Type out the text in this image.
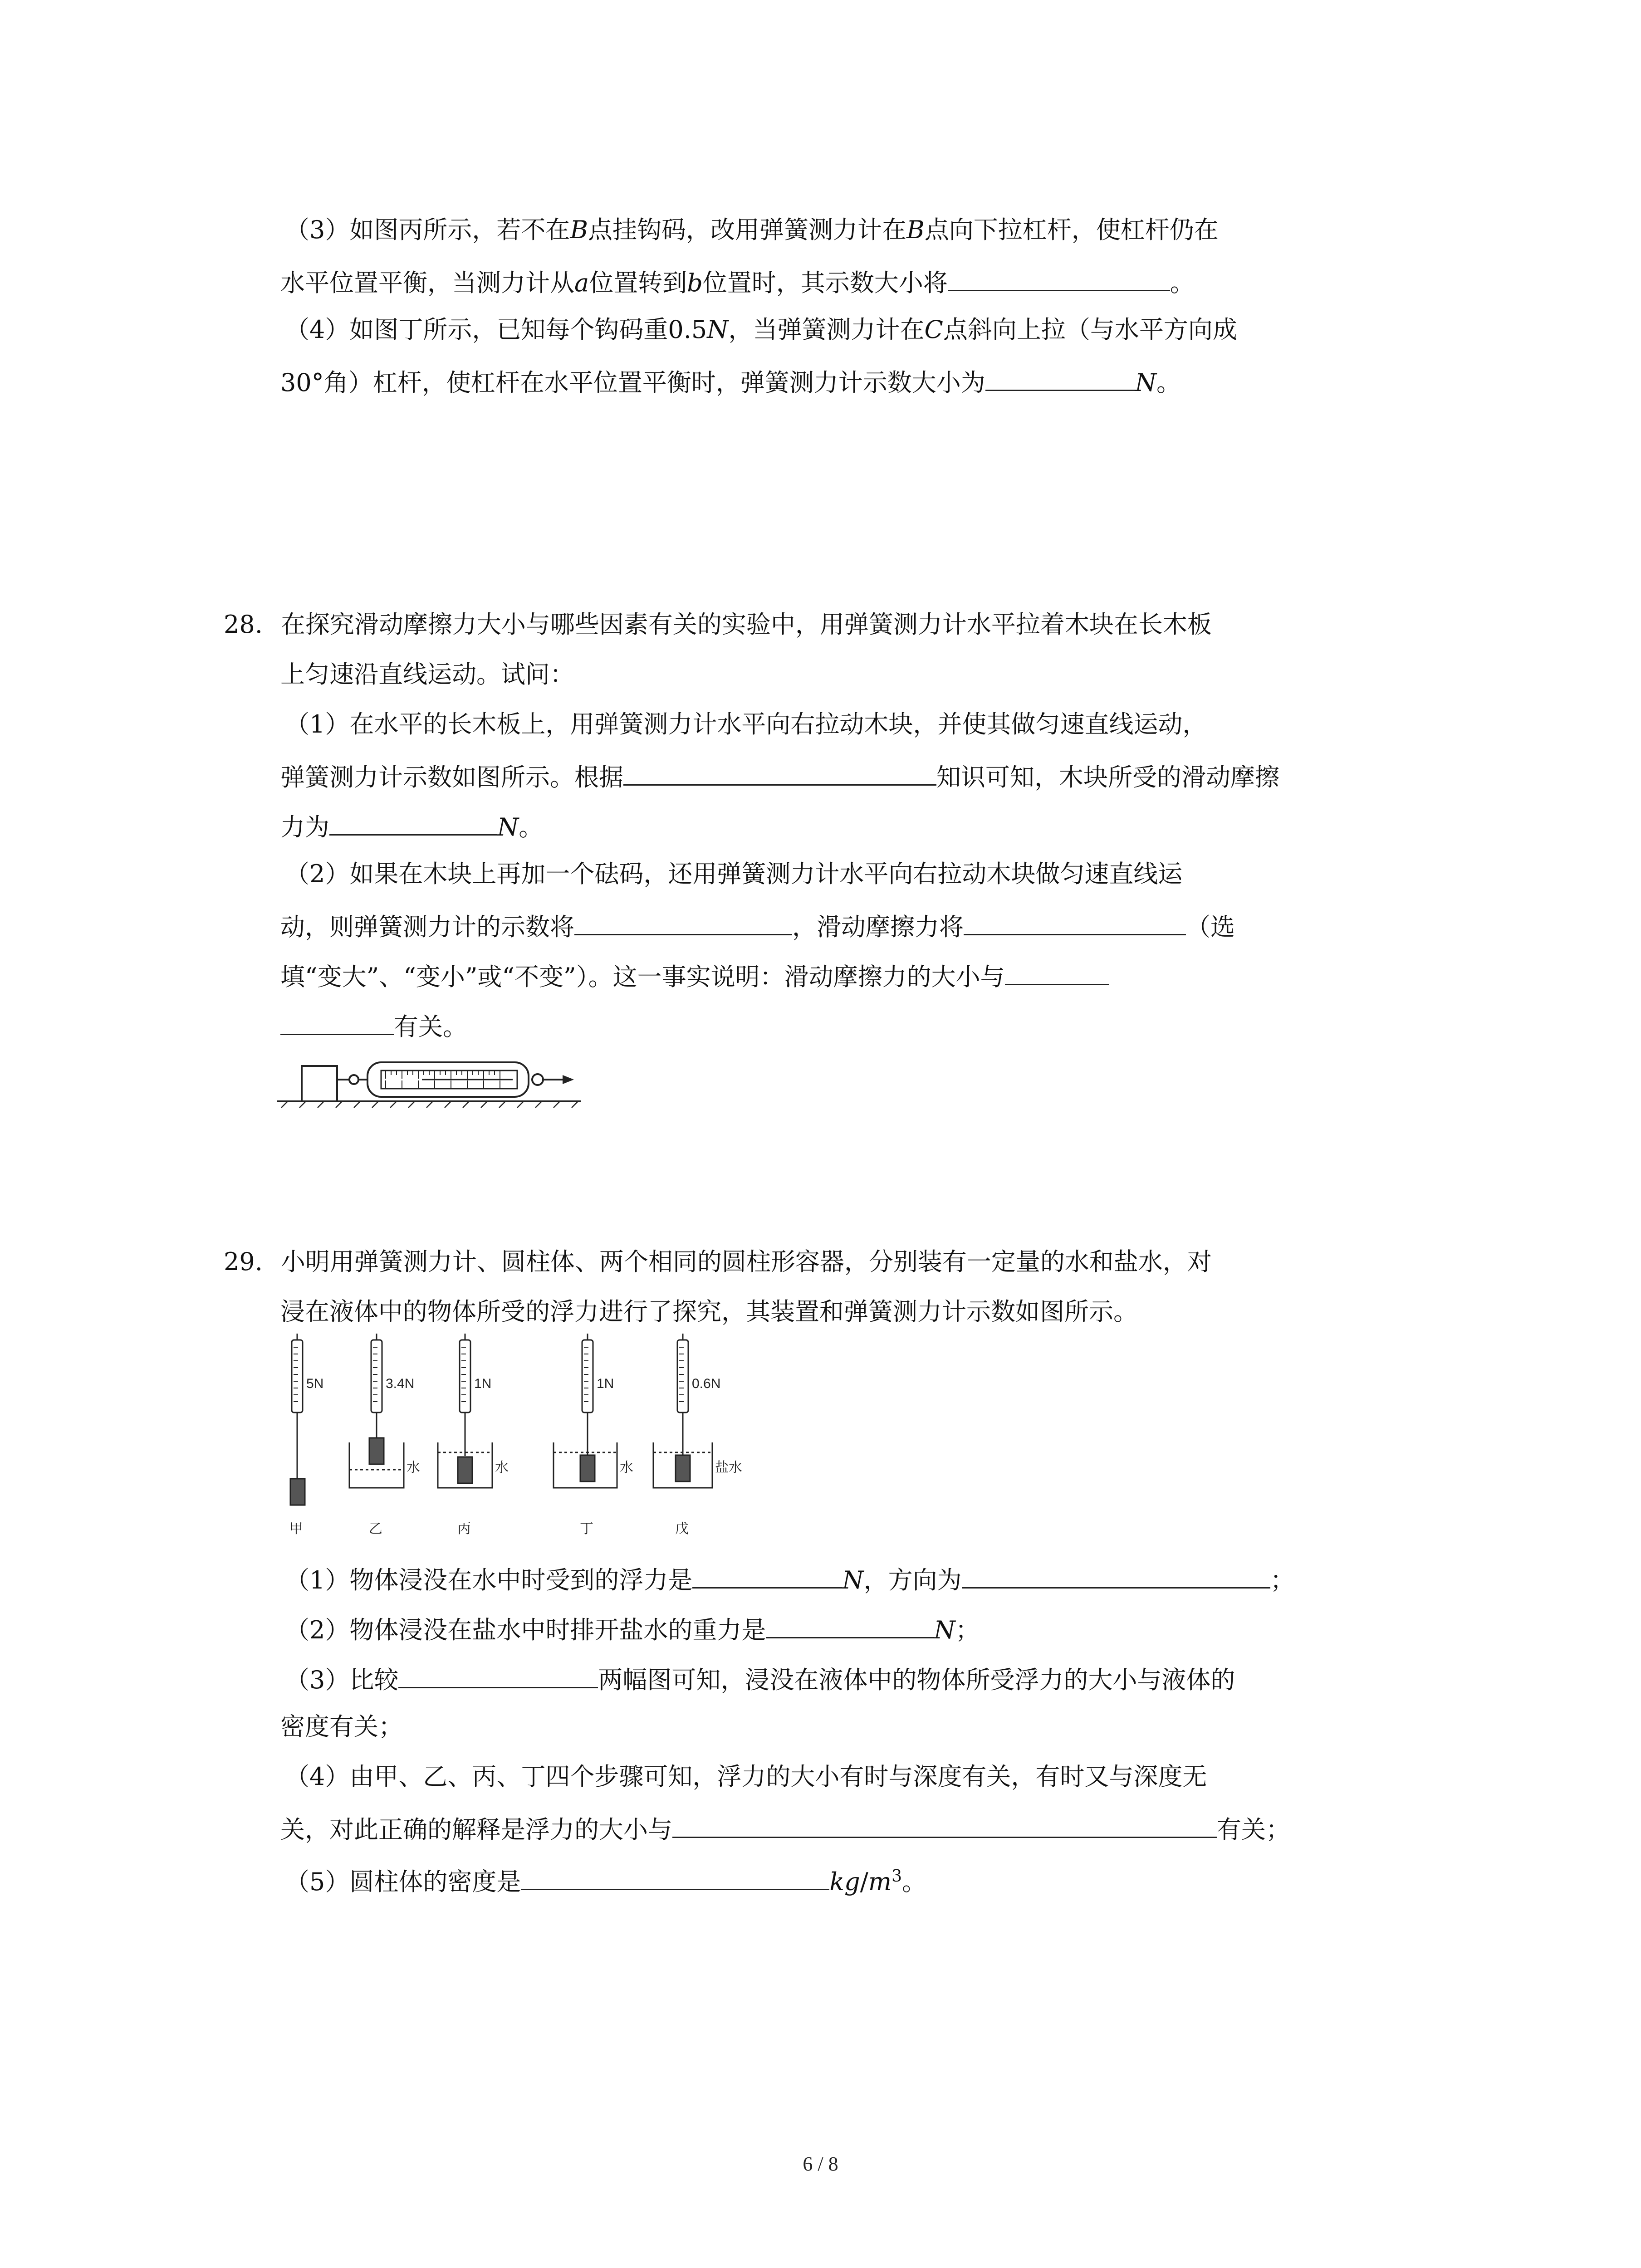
（3）如图丙所示，若不在B点挂钩码，改用弹簧测力计在B点向下拉杠杆，使杠杆仍在

水平位置平衡，当测力计从a位置转到b位置时，其示数大小将	。

（4）如图丁所示，已知每个钩码重0.5N，当弹簧测力计在C点斜向上拉（与水平方向成

30°角）杠杆，使杠杆在水平位置平衡时，弹簧测力计示数大小为	N。

28. 在探究滑动摩擦力大小与哪些因素有关的实验中，用弹簧测力计水平拉着木块在长木板

上匀速沿直线运动。试问：

（1）在水平的长木板上，用弹簧测力计水平向右拉动木块，并使其做匀速直线运动，

弹簧测力计示数如图所示。根据	知识可知，木块所受的滑动摩擦

力为	N。

（2）如果在木块上再加一个砝码，还用弹簧测力计水平向右拉动木块做匀速直线运

动，则弹簧测力计的示数将	，滑动摩擦力将	（选

填“变大”、“变小”或“不变”）。这一事实说明：滑动摩擦力的大小与

有关。

29. 小明用弹簧测力计、圆柱体、两个相同的圆柱形容器，分别装有一定量的水和盐水，对

浸在液体中的物体所受的浮力进行了探究，其装置和弹簧测力计示数如图所示。

5N	3.4N	1N	1N	0.6N
水	水	水	盐水
甲	乙	丙	丁	戊

（1）物体浸没在水中时受到的浮力是	N，方向为	；

（2）物体浸没在盐水中时排开盐水的重力是	N；

（3）比较	两幅图可知，浸没在液体中的物体所受浮力的大小与液体的

密度有关；

（4）由甲、乙、丙、丁四个步骤可知，浮力的大小有时与深度有关，有时又与深度无

关，对此正确的解释是浮力的大小与	有关；

（5）圆柱体的密度是	$kg/m^3$。

6 / 8
